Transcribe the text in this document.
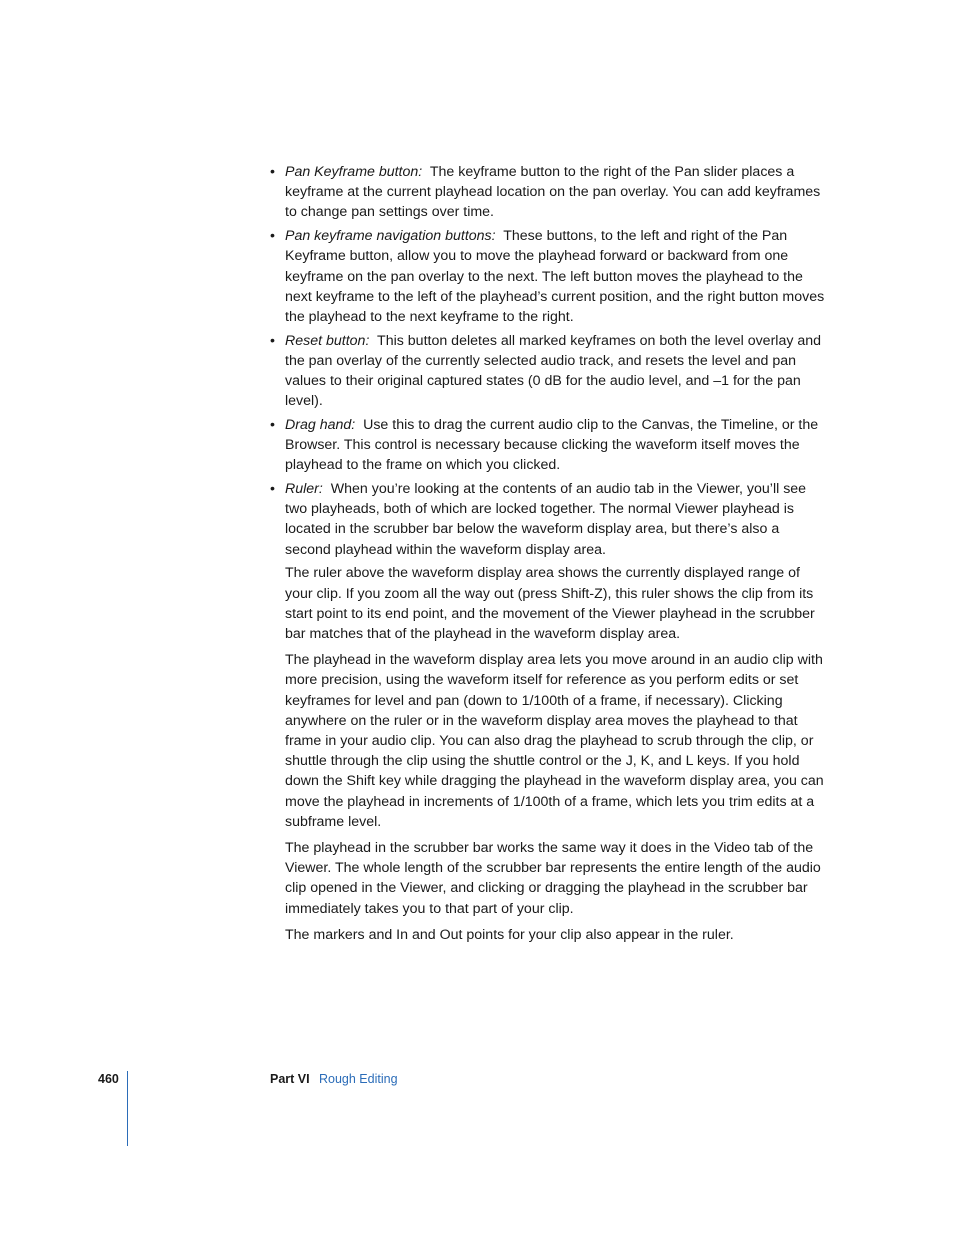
• Pan Keyframe button: The keyframe button to the right of the Pan slider places a keyframe at the current playhead location on the pan overlay. You can add keyframes to change pan settings over time.
• Pan keyframe navigation buttons: These buttons, to the left and right of the Pan Keyframe button, allow you to move the playhead forward or backward from one keyframe on the pan overlay to the next. The left button moves the playhead to the next keyframe to the left of the playhead’s current position, and the right button moves the playhead to the next keyframe to the right.
• Reset button: This button deletes all marked keyframes on both the level overlay and the pan overlay of the currently selected audio track, and resets the level and pan values to their original captured states (0 dB for the audio level, and –1 for the pan level).
• Drag hand: Use this to drag the current audio clip to the Canvas, the Timeline, or the Browser. This control is necessary because clicking the waveform itself moves the playhead to the frame on which you clicked.
• Ruler: When you’re looking at the contents of an audio tab in the Viewer, you’ll see two playheads, both of which are locked together. The normal Viewer playhead is located in the scrubber bar below the waveform display area, but there’s also a second playhead within the waveform display area.

The ruler above the waveform display area shows the currently displayed range of your clip. If you zoom all the way out (press Shift-Z), this ruler shows the clip from its start point to its end point, and the movement of the Viewer playhead in the scrubber bar matches that of the playhead in the waveform display area.

The playhead in the waveform display area lets you move around in an audio clip with more precision, using the waveform itself for reference as you perform edits or set keyframes for level and pan (down to 1/100th of a frame, if necessary). Clicking anywhere on the ruler or in the waveform display area moves the playhead to that frame in your audio clip. You can also drag the playhead to scrub through the clip, or shuttle through the clip using the shuttle control or the J, K, and L keys. If you hold down the Shift key while dragging the playhead in the waveform display area, you can move the playhead in increments of 1/100th of a frame, which lets you trim edits at a subframe level.

The playhead in the scrubber bar works the same way it does in the Video tab of the Viewer. The whole length of the scrubber bar represents the entire length of the audio clip opened in the Viewer, and clicking or dragging the playhead in the scrubber bar immediately takes you to that part of your clip.

The markers and In and Out points for your clip also appear in the ruler.

460	Part VI Rough Editing
